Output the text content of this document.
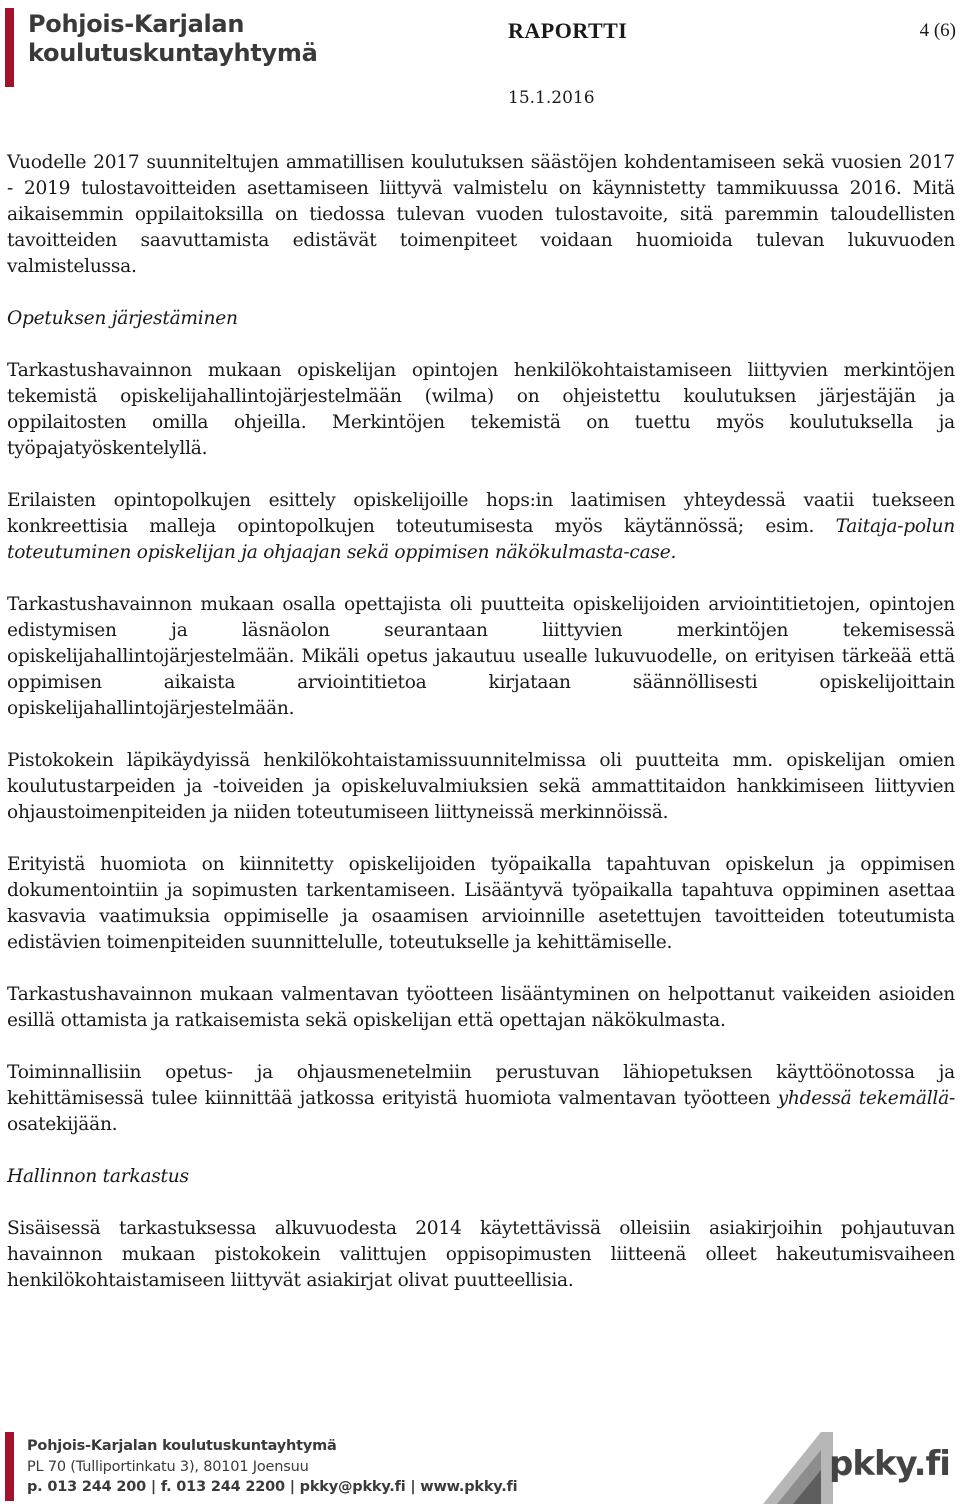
Pohjois-Karjalan
koulutuskuntayhtymä
RAPORTTI	4 (6)
15.1.2016

Vuodelle 2017 suunniteltujen ammatillisen koulutuksen säästöjen kohdentamiseen sekä vuosien 2017 - 2019 tulostavoitteiden asettamiseen liittyvä valmistelu on käynnistetty tammikuussa 2016. Mitä aikaisemmin oppilaitoksilla on tiedossa tulevan vuoden tulostavoite, sitä paremmin taloudellisten tavoitteiden saavuttamista edistävät toimenpiteet voidaan huomioida tulevan lukuvuoden valmistelussa.

Opetuksen järjestäminen

Tarkastushavainnon mukaan opiskelijan opintojen henkilökohtaistamiseen liittyvien merkintöjen tekemistä opiskelijahallintojärjestelmään (wilma) on ohjeistettu koulutuksen järjestäjän ja oppilaitosten omilla ohjeilla. Merkintöjen tekemistä on tuettu myös koulutuksella ja työpajatyöskentelyllä.

Erilaisten opintopolkujen esittely opiskelijoille hops:in laatimisen yhteydessä vaatii tuekseen konkreettisia malleja opintopolkujen toteutumisesta myös käytännössä; esim. Taitaja-polun toteutuminen opiskelijan ja ohjaajan sekä oppimisen näkökulmasta-case.

Tarkastushavainnon mukaan osalla opettajista oli puutteita opiskelijoiden arviointitietojen, opintojen edistymisen ja läsnäolon seurantaan liittyvien merkintöjen tekemisessä opiskelijahallintojärjestelmään. Mikäli opetus jakautuu usealle lukuvuodelle, on erityisen tärkeää että oppimisen aikaista arviointitietoa kirjataan säännöllisesti opiskelijoittain opiskelijahallintojärjestelmään.

Pistokokein läpikäydyissä henkilökohtaistamissuunnitelmissa oli puutteita mm. opiskelijan omien koulutustarpeiden ja -toiveiden ja opiskeluvalmiuksien sekä ammattitaidon hankkimiseen liittyvien ohjaustoimenpiteiden ja niiden toteutumiseen liittyneissä merkinnöissä.

Erityistä huomiota on kiinnitetty opiskelijoiden työpaikalla tapahtuvan opiskelun ja oppimisen dokumentointiin ja sopimusten tarkentamiseen. Lisääntyvä työpaikalla tapahtuva oppiminen asettaa kasvavia vaatimuksia oppimiselle ja osaamisen arvioinnille asetettujen tavoitteiden toteutumista edistävien toimenpiteiden suunnittelulle, toteutukselle ja kehittämiselle.

Tarkastushavainnon mukaan valmentavan työotteen lisääntyminen on helpottanut vaikeiden asioiden esillä ottamista ja ratkaisemista sekä opiskelijan että opettajan näkökulmasta.

Toiminnallisiin opetus- ja ohjausmenetelmiin perustuvan lähiopetuksen käyttöönotossa ja kehittämisessä tulee kiinnittää jatkossa erityistä huomiota valmentavan työotteen yhdessä tekemällä-osatekijään.

Hallinnon tarkastus

Sisäisessä tarkastuksessa alkuvuodesta 2014 käytettävissä olleisiin asiakirjoihin pohjautuvan havainnon mukaan pistokokein valittujen oppisopimusten liitteenä olleet hakeutumisvaiheen henkilökohtaistamiseen liittyvät asiakirjat olivat puutteellisia.

Pohjois-Karjalan koulutuskuntayhtymä
PL 70 (Tulliportinkatu 3), 80101 Joensuu
p. 013 244 200 | f. 013 244 2200 | pkky@pkky.fi | www.pkky.fi
pkky.fi
